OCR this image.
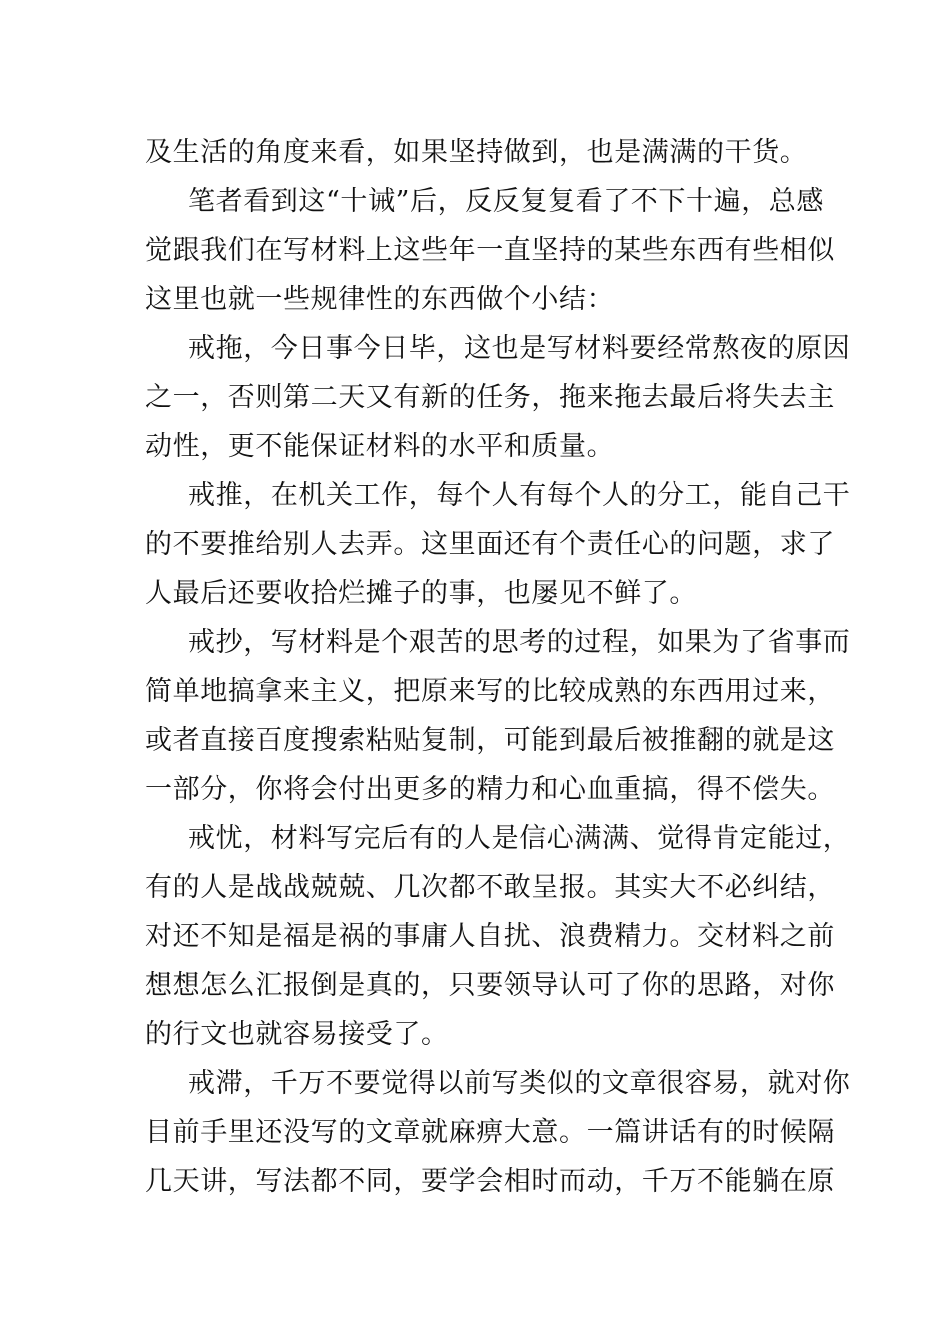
及生活的角度来看，如果坚持做到，也是满满的干货。
笔者看到这“十诫”后，反反复复看了不下十遍，总感
觉跟我们在写材料上这些年一直坚持的某些东西有些相似
这里也就一些规律性的东西做个小结：
戒拖，今日事今日毕，这也是写材料要经常熬夜的原因
之一，否则第二天又有新的任务，拖来拖去最后将失去主
动性，更不能保证材料的水平和质量。
戒推，在机关工作，每个人有每个人的分工，能自己干
的不要推给别人去弄。这里面还有个责任心的问题，求了
人最后还要收拾烂摊子的事，也屡见不鲜了。
戒抄，写材料是个艰苦的思考的过程，如果为了省事而
简单地搞拿来主义，把原来写的比较成熟的东西用过来，
或者直接百度搜索粘贴复制，可能到最后被推翻的就是这
一部分，你将会付出更多的精力和心血重搞，得不偿失。
戒忧，材料写完后有的人是信心满满、觉得肯定能过，
有的人是战战兢兢、几次都不敢呈报。其实大不必纠结，
对还不知是福是祸的事庸人自扰、浪费精力。交材料之前
想想怎么汇报倒是真的，只要领导认可了你的思路，对你
的行文也就容易接受了。
戒滞，千万不要觉得以前写类似的文章很容易，就对你
目前手里还没写的文章就麻痹大意。一篇讲话有的时候隔
几天讲，写法都不同，要学会相时而动，千万不能躺在原
